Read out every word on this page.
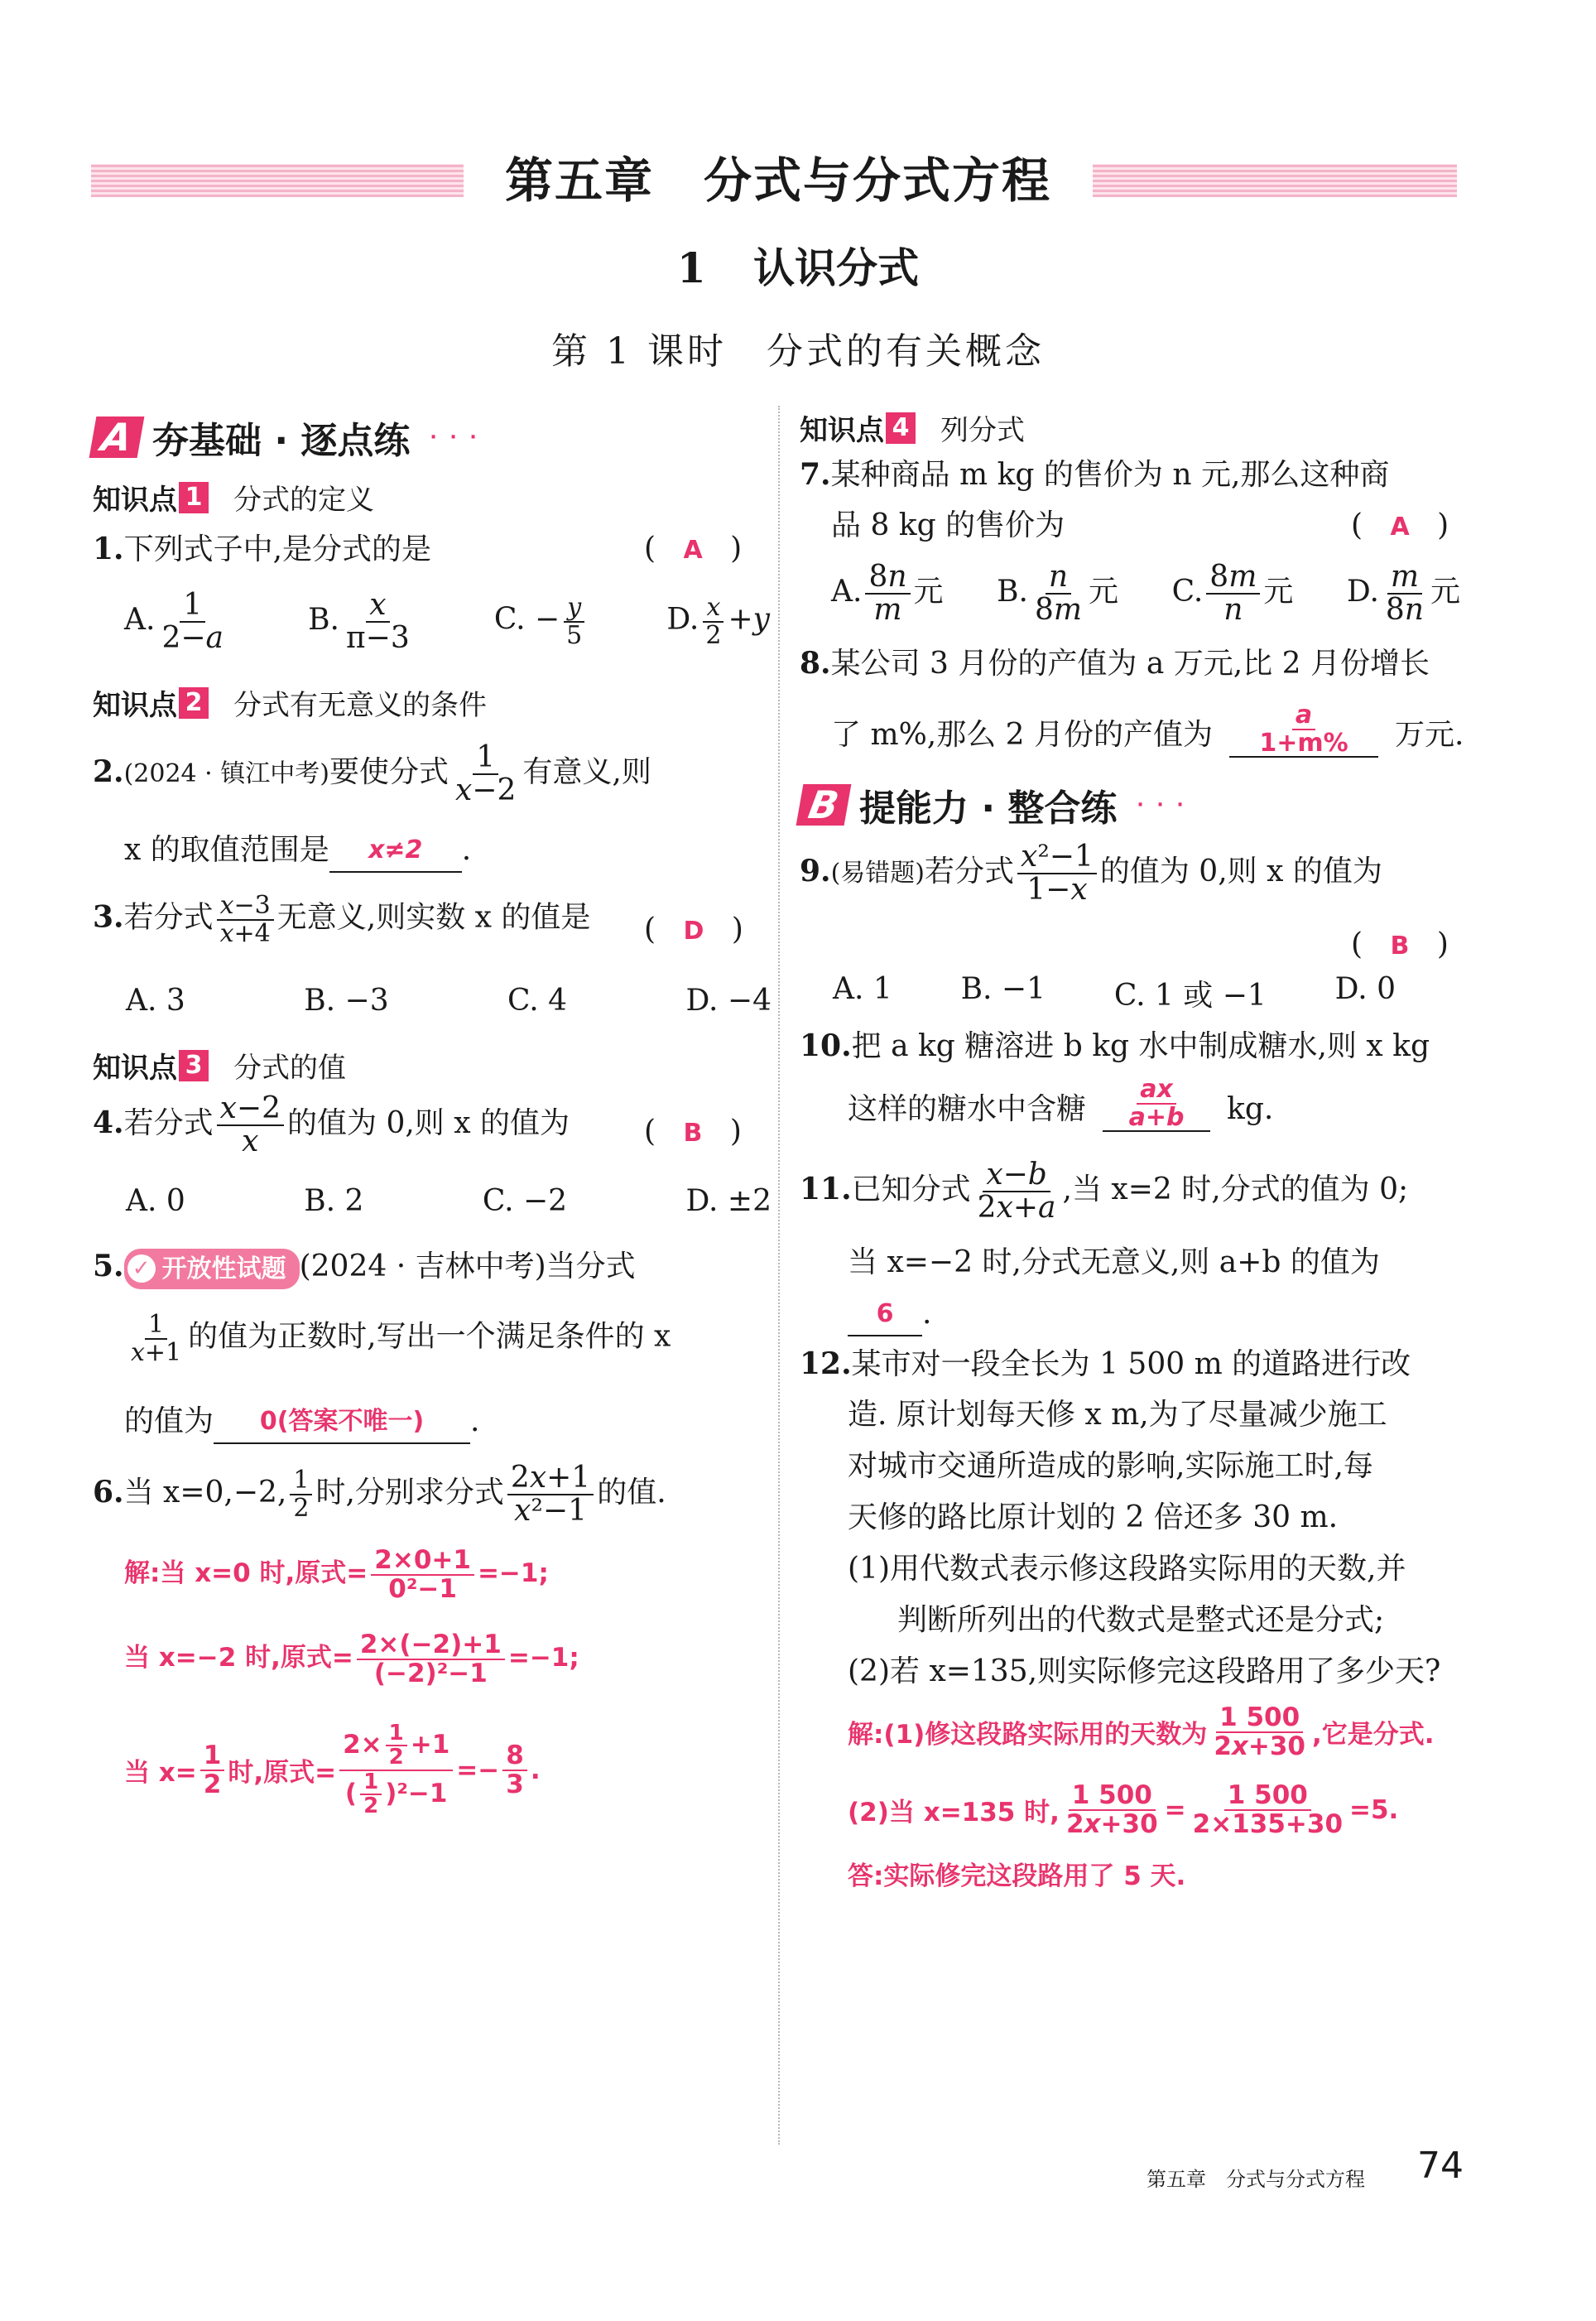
第五章　分式与分式方程
1 认识分式
第 1 课时　分式的有关概念
A 夯基础 · 逐点练 · · ·
知识点 1 分式的定义
1.下列式子中,是分式的是	( A )
A. $\frac{1}{2-a}$	B. $\frac{x}{\pi-3}$	C. − $\frac{y}{5}$	D. $\frac{x}{2} +y$
知识点 2 分式有无意义的条件
2.(2024 · 镇江中考)要使分式 $\frac{1}{x-2}$ 有意义,则
x 的取值范围是 x≠2 .
3.若分式 $\frac{x-3}{x+4}$ 无意义,则实数 x 的值是 ( D )
A. 3	B. −3	C. 4	D. −4
知识点 3 分式的值
4.若分式 $\frac{x-2}{x}$ 的值为 0,则 x 的值为	( B )
A. 0	B. 2	C. −2	D. ±2
5. ✓ 开放性试题 (2024 · 吉林中考)当分式
$\frac{1}{x+1}$ 的值为正数时,写出一个满足条件的 x
的值为 0(答案不唯一) .
6.当 x=0,−2, $\frac{1}{2}$ 时,分别求分式 $\frac{2x+1}{\text{x²−1}}$ 的值.
解:当 x=0 时,原式= $\frac{2\times 0+1}{\text{0²−1}} =-1$;
当 x=−2 时,原式= $\frac{2\times(-2)+1}{\text{(−2)²−1}} =-1$;
当 $x= \frac{1}{2}$ 时,原式= $\frac{2\times \frac{1}{2} +1}{( \frac{1}{2} )^2-1} =- \frac{8}{3}$ .
知识点 4 列分式
7.某种商品 m kg 的售价为 n 元,那么这种商
品 8 kg 的售价为	( A )
A. $\frac{8n}{m}$ 元 B. $\frac{n}{8m}$ 元 C. $\frac{8m}{n}$ 元 D. $\frac{m}{8n}$ 元
8.某公司 3 月份的产值为 a 万元,比 2 月份增长
了 m%,那么 2 月份的产值为 $\frac{a}{1+m\%}$ 万元.
B 提能力 · 整合练 · · ·
9.(易错题)若分式 $\frac{\text{x²−1}}{1-x}$ 的值为 0,则 x 的值为
( B )
A. 1 B. −1 C. 1 或 −1 D. 0
10.把 a kg 糖溶进 b kg 水中制成糖水,则 x kg
这样的糖水中含糖 $\frac{ax}{a+b}$ kg.
11.已知分式 $\frac{x-b}{2x+a}$ ,当 x=2 时,分式的值为 0;
当 x=−2 时,分式无意义,则 a+b 的值为
6 .
12.某市对一段全长为 1 500 m 的道路进行改
造. 原计划每天修 x m,为了尽量减少施工
对城市交通所造成的影响,实际施工时,每
天修的路比原计划的 2 倍还多 30 m.
(1)用代数式表示修这段路实际用的天数,并
判断所列出的代数式是整式还是分式;
(2)若 x=135,则实际修完这段路用了多少天?
解:(1)修这段路实际用的天数为 $\frac{1 500}{2x+30}$ ,它是分式.
(2)当 x=135 时, $\frac{1 500}{2x+30} = \frac{1 500}{2\times 135+30} =5$.
答:实际修完这段路用了 5 天.
第五章　分式与分式方程 74
